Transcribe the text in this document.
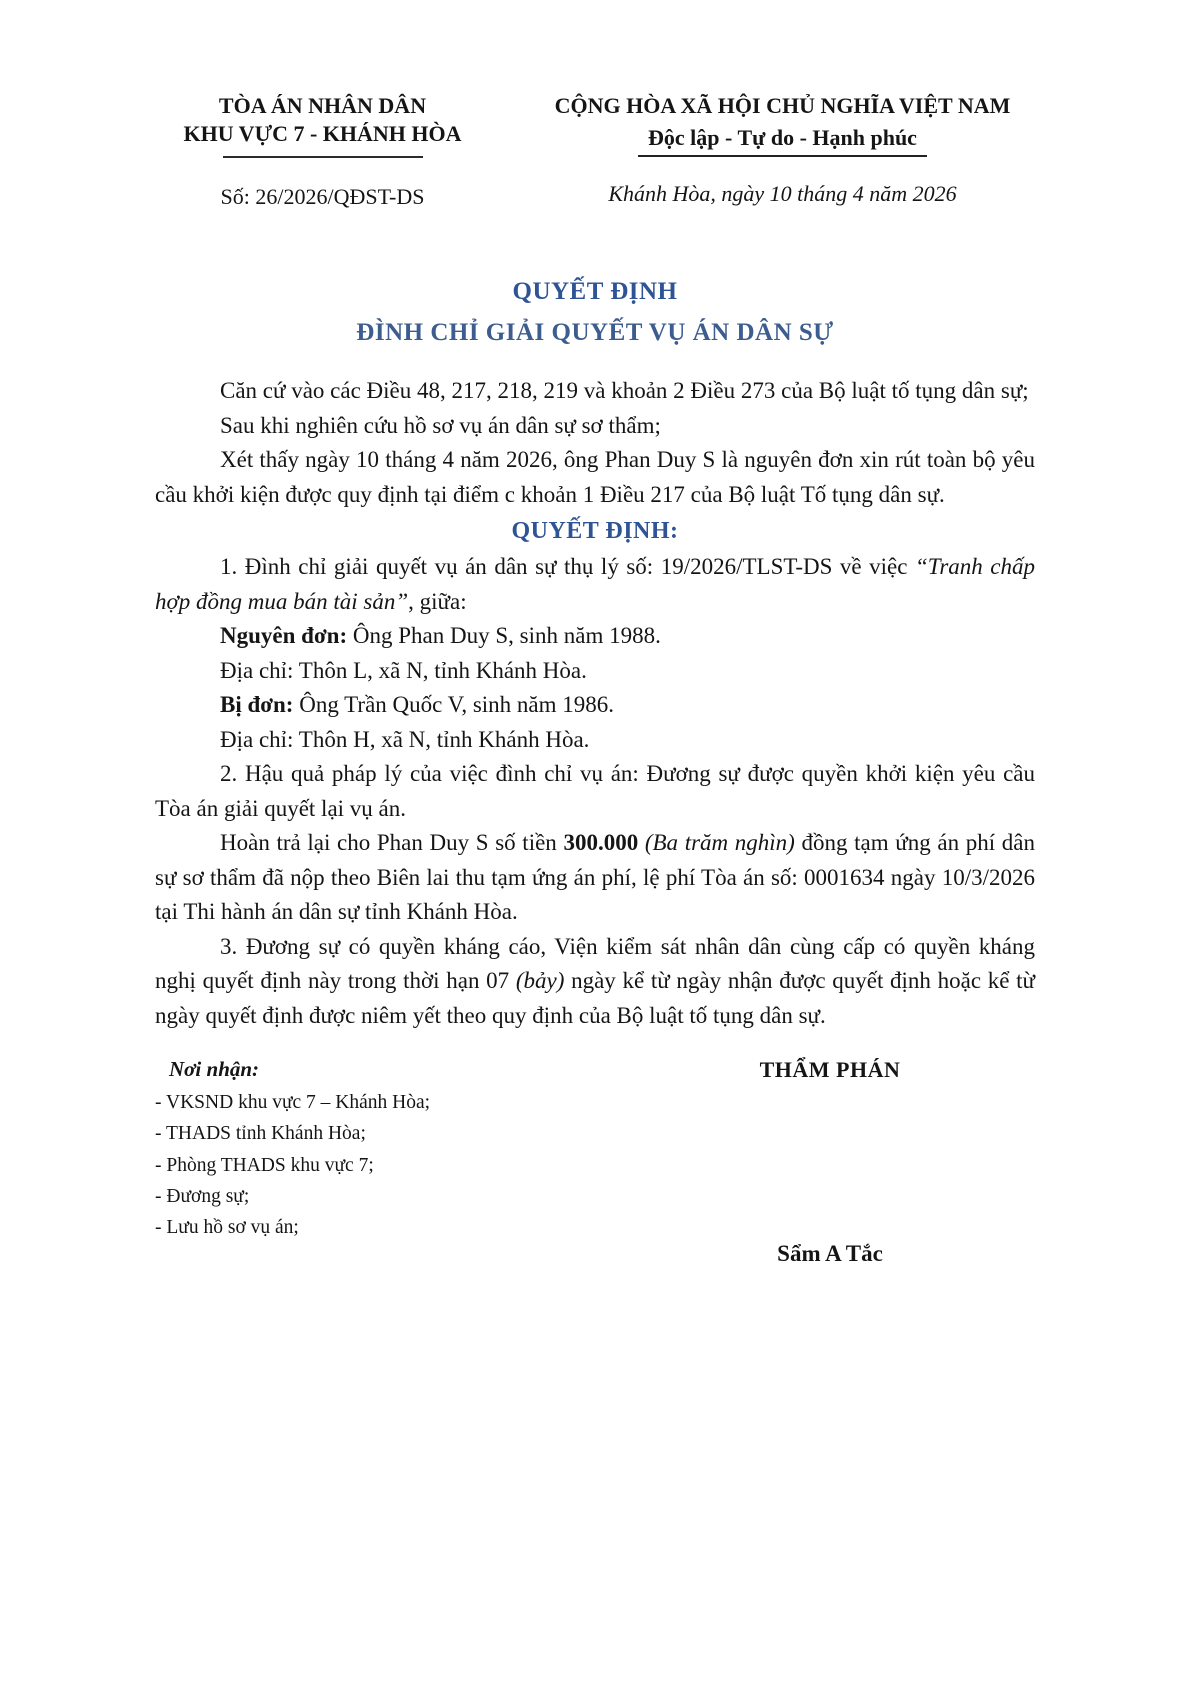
TÒA ÁN NHÂN DÂN
KHU VỰC 7 - KHÁNH HÒA
Số: 26/2026/QĐST-DS
CỘNG HÒA XÃ HỘI CHỦ NGHĨA VIỆT NAM
Độc lập - Tự do - Hạnh phúc
Khánh Hòa, ngày 10 tháng 4 năm 2026
QUYẾT ĐỊNH
ĐÌNH CHỈ GIẢI QUYẾT VỤ ÁN DÂN SỰ

Căn cứ vào các Điều 48, 217, 218, 219 và khoản 2 Điều 273 của Bộ luật tố tụng dân sự;

Sau khi nghiên cứu hồ sơ vụ án dân sự sơ thẩm;

Xét thấy ngày 10 tháng 4 năm 2026, ông Phan Duy S là nguyên đơn xin rút toàn bộ yêu cầu khởi kiện được quy định tại điểm c khoản 1 Điều 217 của Bộ luật Tố tụng dân sự.

QUYẾT ĐỊNH:

1. Đình chỉ giải quyết vụ án dân sự thụ lý số: 19/2026/TLST-DS về việc “Tranh chấp hợp đồng mua bán tài sản”, giữa:

Nguyên đơn: Ông Phan Duy S, sinh năm 1988.

Địa chỉ: Thôn L, xã N, tỉnh Khánh Hòa.

Bị đơn: Ông Trần Quốc V, sinh năm 1986.

Địa chỉ: Thôn H, xã N, tỉnh Khánh Hòa.

2. Hậu quả pháp lý của việc đình chỉ vụ án: Đương sự được quyền khởi kiện yêu cầu Tòa án giải quyết lại vụ án.

Hoàn trả lại cho Phan Duy S số tiền 300.000 (Ba trăm nghìn) đồng tạm ứng án phí dân sự sơ thẩm đã nộp theo Biên lai thu tạm ứng án phí, lệ phí Tòa án số: 0001634 ngày 10/3/2026 tại Thi hành án dân sự tỉnh Khánh Hòa.

3. Đương sự có quyền kháng cáo, Viện kiểm sát nhân dân cùng cấp có quyền kháng nghị quyết định này trong thời hạn 07 (bảy) ngày kể từ ngày nhận được quyết định hoặc kể từ ngày quyết định được niêm yết theo quy định của Bộ luật tố tụng dân sự.

Nơi nhận:
- VKSND khu vực 7 – Khánh Hòa;
- THADS tỉnh Khánh Hòa;
- Phòng THADS khu vực 7;
- Đương sự;
- Lưu hồ sơ vụ án;
THẨM PHÁN
Sẩm A Tắc
